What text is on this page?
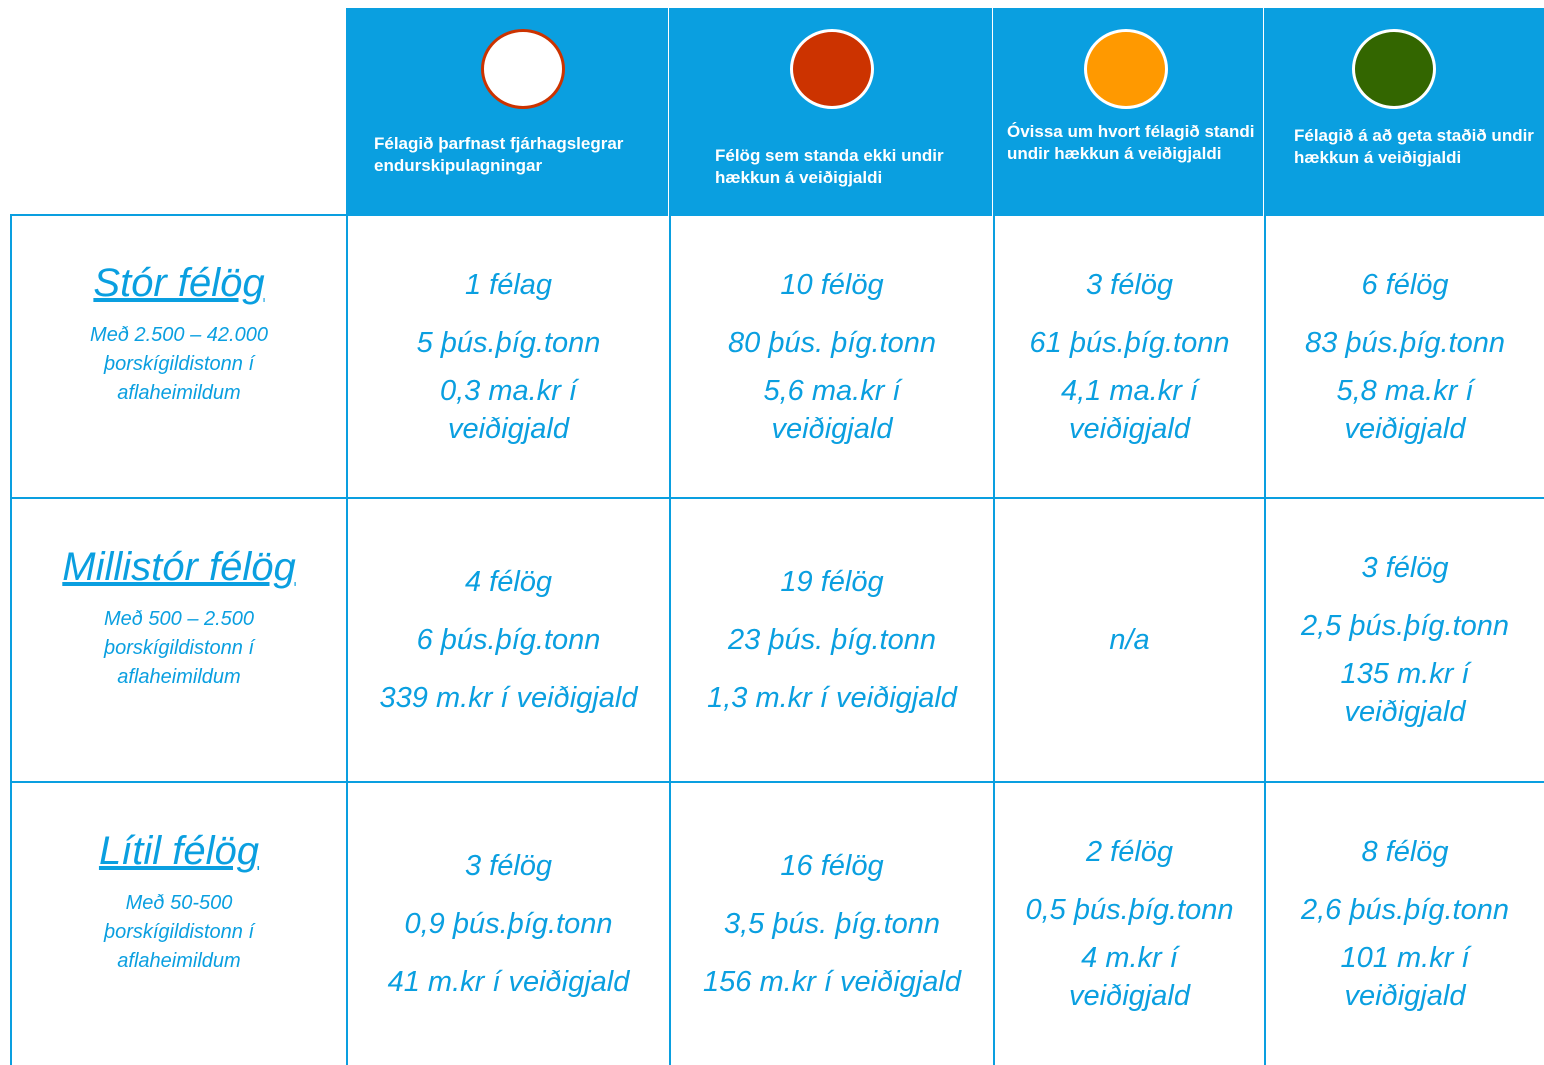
Félagið þarfnast fjárhagslegrar endurskipulagningar
Félög sem standa ekki undir hækkun á veiðigjaldi
Óvissa um hvort félagið standi undir hækkun á veiðigjaldi
Félagið á að geta staðið undir hækkun á veiðigjaldi
Stór félög
Með 2.500 – 42.000 þorskígildistonn í aflaheimildum
Millistór félög
Með 500 – 2.500 þorskígildistonn í aflaheimildum
Lítil félög
Með 50-500 þorskígildistonn í aflaheimildum
1 félag
5 þús.þíg.tonn
0,3 ma.kr í veiðigjald
10 félög
80 þús. þíg.tonn
5,6 ma.kr í veiðigjald
3 félög
61 þús.þíg.tonn
4,1 ma.kr í veiðigjald
6 félög
83 þús.þíg.tonn
5,8 ma.kr í veiðigjald
4 félög
6 þús.þíg.tonn
339 m.kr í veiðigjald
19 félög
23 þús. þíg.tonn
1,3 m.kr í veiðigjald
n/a
3 félög
2,5 þús.þíg.tonn
135 m.kr í veiðigjald
3 félög
0,9 þús.þíg.tonn
41 m.kr í veiðigjald
16 félög
3,5 þús. þíg.tonn
156 m.kr í veiðigjald
2 félög
0,5 þús.þíg.tonn
4 m.kr í veiðigjald
8 félög
2,6 þús.þíg.tonn
101 m.kr í veiðigjald
